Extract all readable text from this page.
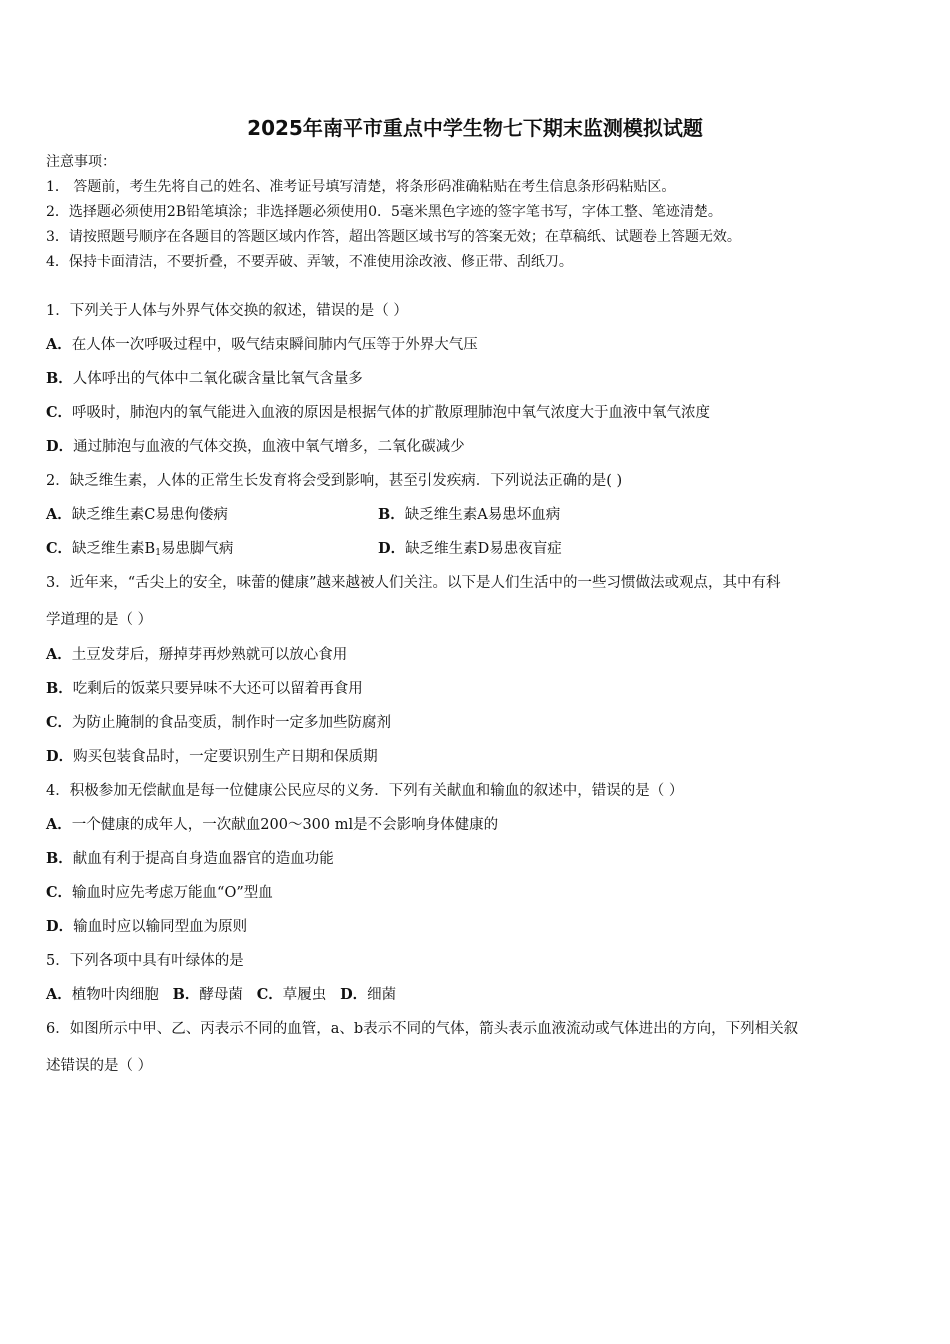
2025年南平市重点中学生物七下期末监测模拟试题
注意事项：
1． 答题前，考生先将自己的姓名、准考证号填写清楚，将条形码准确粘贴在考生信息条形码粘贴区。
2．选择题必须使用2B铅笔填涂；非选择题必须使用0．5毫米黑色字迹的签字笔书写，字体工整、笔迹清楚。
3．请按照题号顺序在各题目的答题区域内作答，超出答题区域书写的答案无效；在草稿纸、试题卷上答题无效。
4．保持卡面清洁，不要折叠，不要弄破、弄皱，不准使用涂改液、修正带、刮纸刀。
1．下列关于人体与外界气体交换的叙述，错误的是（ ）
A．在人体一次呼吸过程中，吸气结束瞬间肺内气压等于外界大气压
B．人体呼出的气体中二氧化碳含量比氧气含量多
C．呼吸时，肺泡内的氧气能进入血液的原因是根据气体的扩散原理肺泡中氧气浓度大于血液中氧气浓度
D．通过肺泡与血液的气体交换，血液中氧气增多，二氧化碳减少
2．缺乏维生素，人体的正常生长发育将会受到影响，甚至引发疾病．下列说法正确的是( )
A．缺乏维生素C易患佝偻病	B．缺乏维生素A易患坏血病
C．缺乏维生素$B_1$易患脚气病	D．缺乏维生素D易患夜盲症
3．近年来，“舌尖上的安全，味蕾的健康”越来越被人们关注。以下是人们生活中的一些习惯做法或观点，其中有科
学道理的是（ ）
A．土豆发芽后，掰掉芽再炒熟就可以放心食用
B．吃剩后的饭菜只要异味不大还可以留着再食用
C．为防止腌制的食品变质，制作时一定多加些防腐剂
D．购买包装食品时，一定要识别生产日期和保质期
4．积极参加无偿献血是每一位健康公民应尽的义务．下列有关献血和输血的叙述中，错误的是（ ）
A．一个健康的成年人，一次献血200～300 ml是不会影响身体健康的
B．献血有利于提高自身造血器官的造血功能
C．输血时应先考虑万能血“O”型血
D．输血时应以输同型血为原则
5．下列各项中具有叶绿体的是
A．植物叶肉细胞   B．酵母菌   C．草履虫   D．细菌
6．如图所示中甲、乙、丙表示不同的血管，a、b表示不同的气体，箭头表示血液流动或气体进出的方向，下列相关叙
述错误的是（ ）
